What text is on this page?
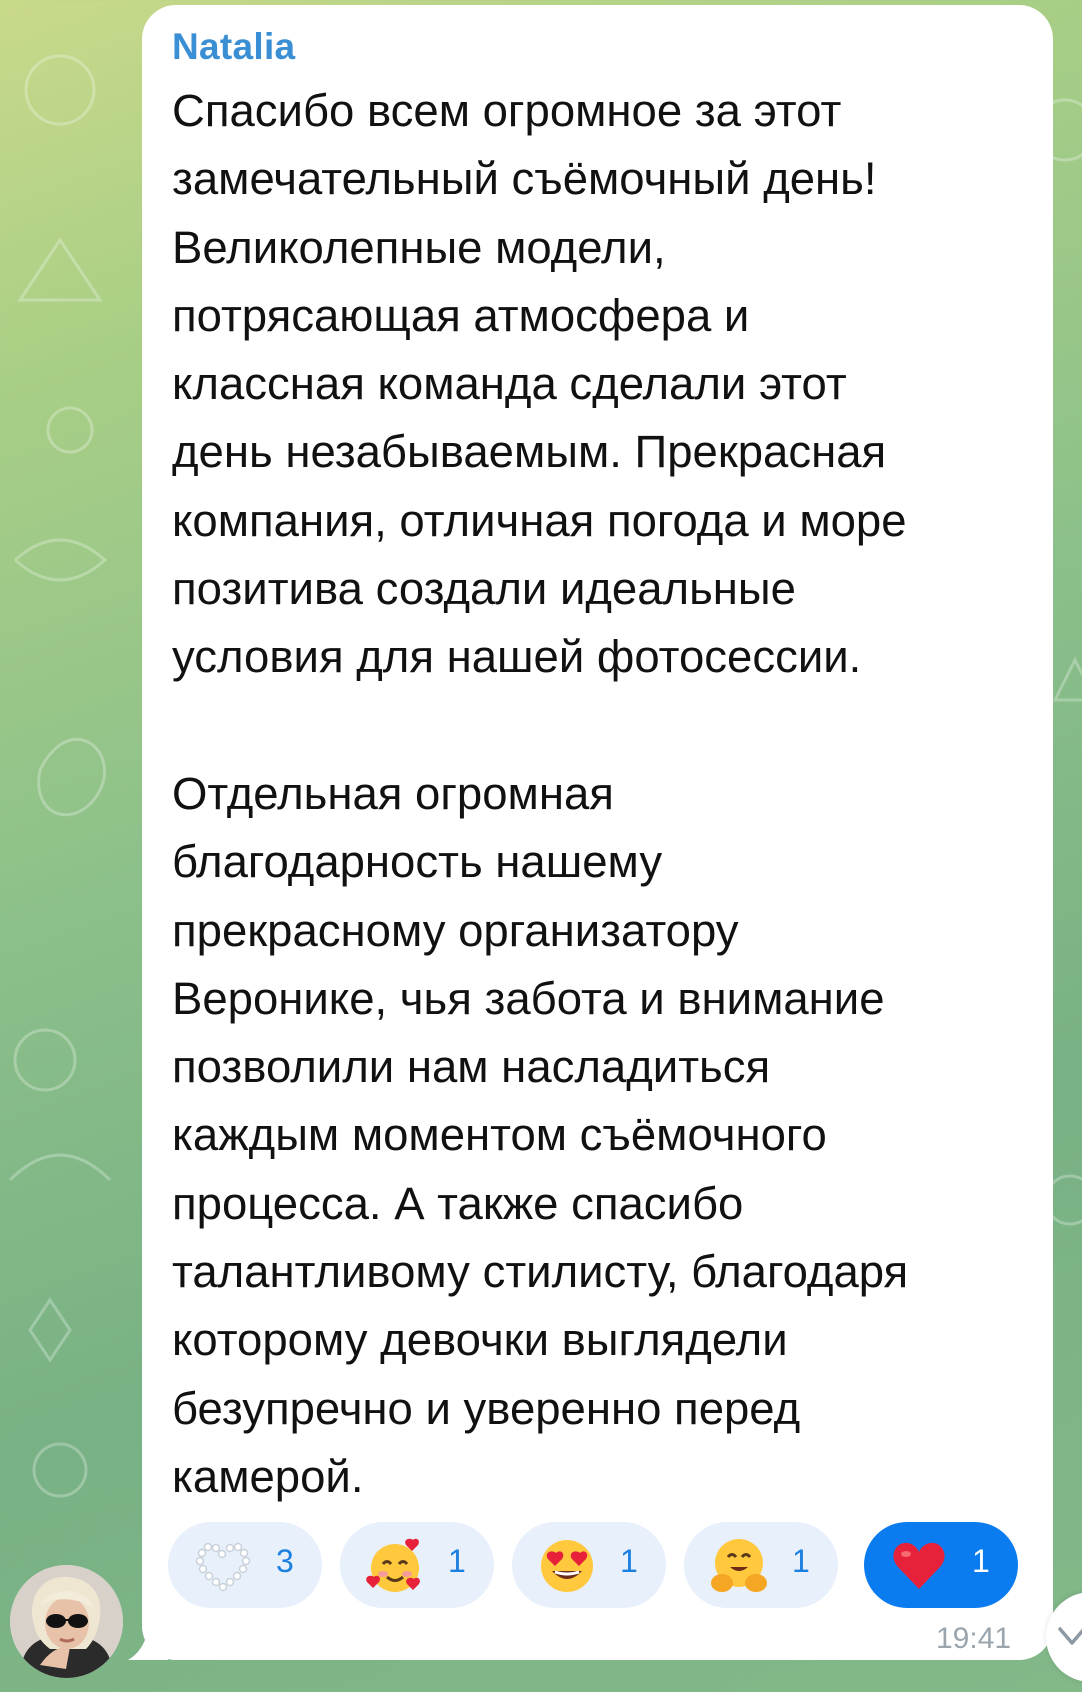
Natalia
Спасибо всем огромное за этот
замечательный съёмочный день!
Великолепные модели,
потрясающая атмосфера и
классная команда сделали этот
день незабываемым. Прекрасная
компания, отличная погода и море
позитива создали идеальные
условия для нашей фотосессии.

Отдельная огромная
благодарность нашему
прекрасному организатору
Веронике, чья забота и внимание
позволили нам насладиться
каждым моментом съёмочного
процесса. А также спасибо
талантливому стилисту, благодаря
которому девочки выглядели
безупречно и уверенно перед
камерой.
3	1	1	1	1
19:41
